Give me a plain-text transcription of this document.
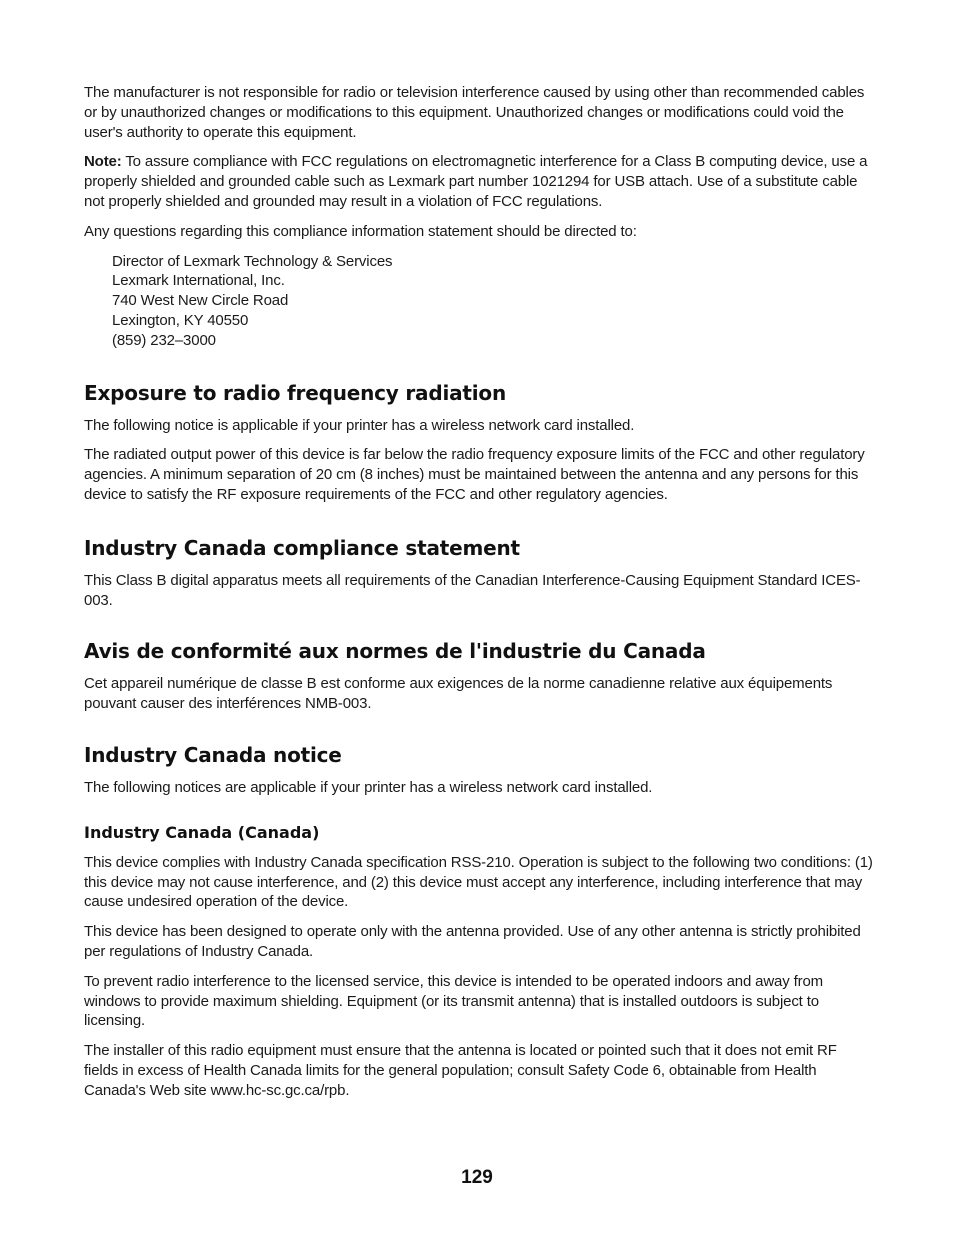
The manufacturer is not responsible for radio or television interference caused by using other than recommended cables or by unauthorized changes or modifications to this equipment. Unauthorized changes or modifications could void the user's authority to operate this equipment.

Note: To assure compliance with FCC regulations on electromagnetic interference for a Class B computing device, use a properly shielded and grounded cable such as Lexmark part number 1021294 for USB attach. Use of a substitute cable not properly shielded and grounded may result in a violation of FCC regulations.

Any questions regarding this compliance information statement should be directed to:

Director of Lexmark Technology & Services
Lexmark International, Inc.
740 West New Circle Road
Lexington, KY 40550
(859) 232–3000
Exposure to radio frequency radiation

The following notice is applicable if your printer has a wireless network card installed.

The radiated output power of this device is far below the radio frequency exposure limits of the FCC and other regulatory agencies. A minimum separation of 20 cm (8 inches) must be maintained between the antenna and any persons for this device to satisfy the RF exposure requirements of the FCC and other regulatory agencies.

Industry Canada compliance statement

This Class B digital apparatus meets all requirements of the Canadian Interference-Causing Equipment Standard ICES-003.

Avis de conformité aux normes de l'industrie du Canada

Cet appareil numérique de classe B est conforme aux exigences de la norme canadienne relative aux équipements pouvant causer des interférences NMB-003.

Industry Canada notice

The following notices are applicable if your printer has a wireless network card installed.

Industry Canada (Canada)

This device complies with Industry Canada specification RSS-210. Operation is subject to the following two conditions: (1) this device may not cause interference, and (2) this device must accept any interference, including interference that may cause undesired operation of the device.

This device has been designed to operate only with the antenna provided. Use of any other antenna is strictly prohibited per regulations of Industry Canada.

To prevent radio interference to the licensed service, this device is intended to be operated indoors and away from windows to provide maximum shielding. Equipment (or its transmit antenna) that is installed outdoors is subject to licensing.

The installer of this radio equipment must ensure that the antenna is located or pointed such that it does not emit RF fields in excess of Health Canada limits for the general population; consult Safety Code 6, obtainable from Health Canada's Web site www.hc-sc.gc.ca/rpb.

129
